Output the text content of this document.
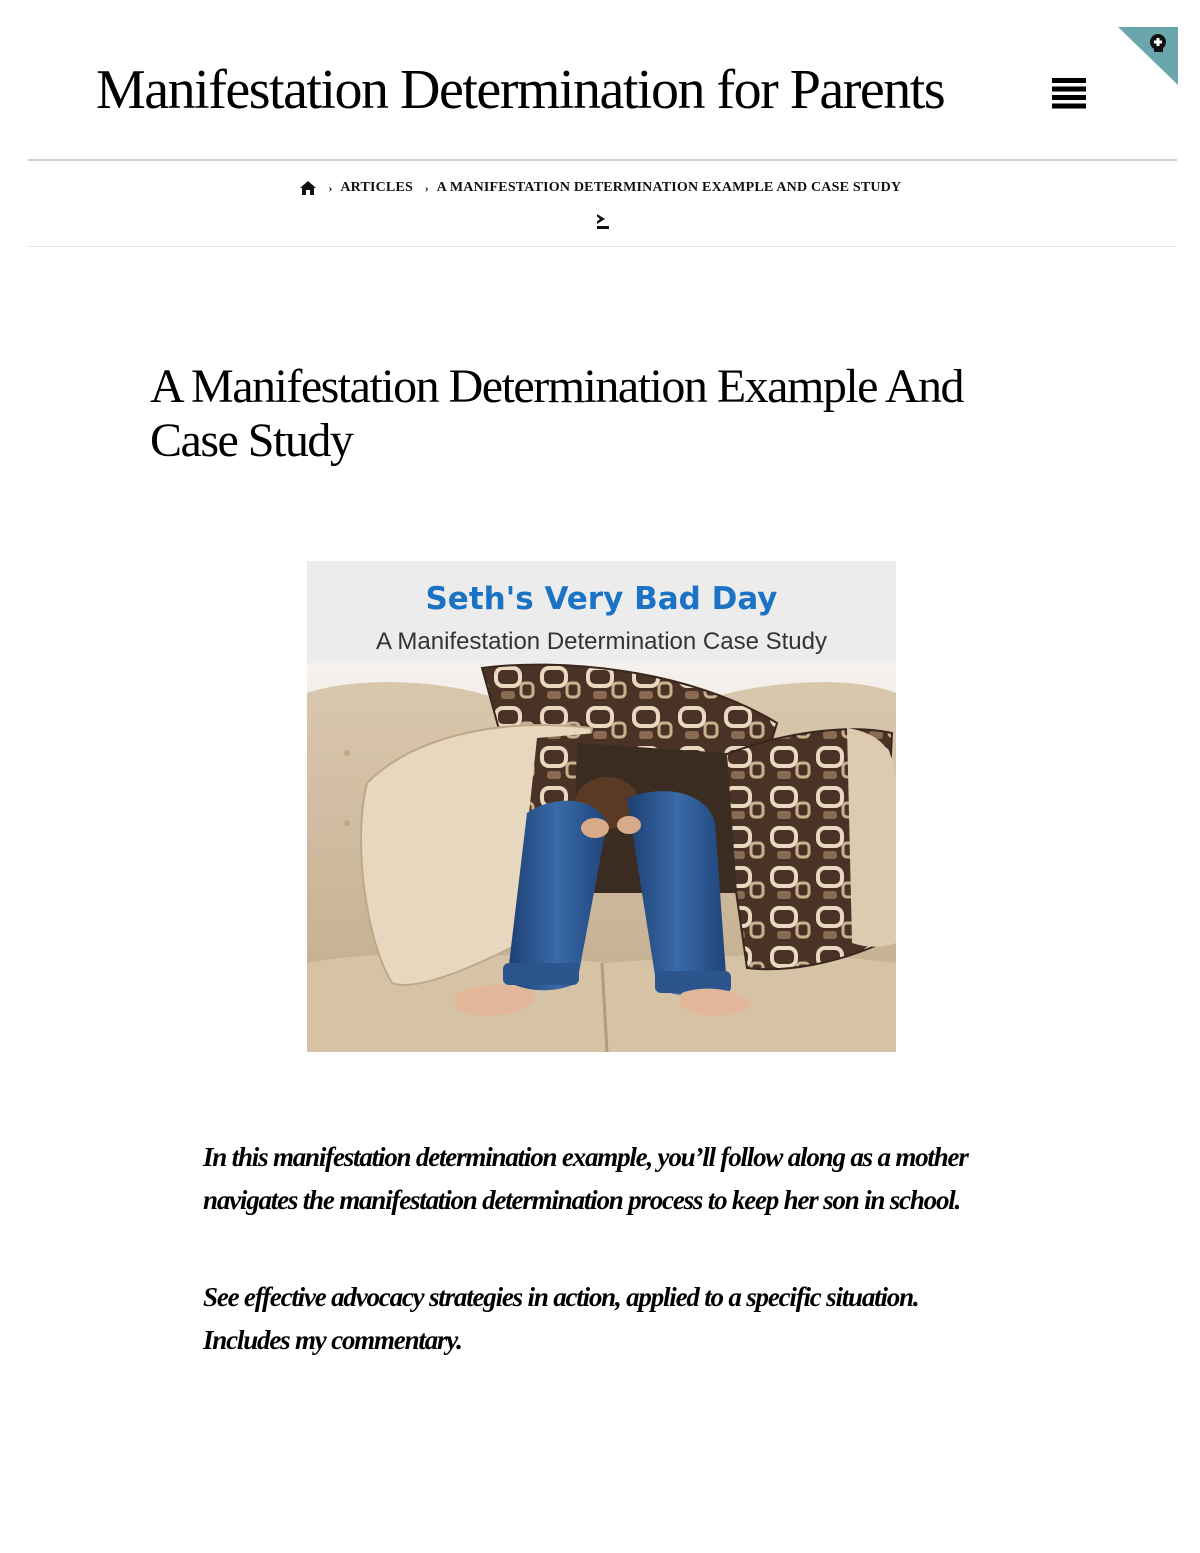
Manifestation Determination for Parents
› ARTICLES › A MANIFESTATION DETERMINATION EXAMPLE AND CASE STUDY
A Manifestation Determination Example And Case Study
Seth's Very Bad Day
A Manifestation Determination Case Study

In this manifestation determination example, you’ll follow along as a mother navigates the manifestation determination process to keep her son in school.

See effective advocacy strategies in action, applied to a specific situation. Includes my commentary.
